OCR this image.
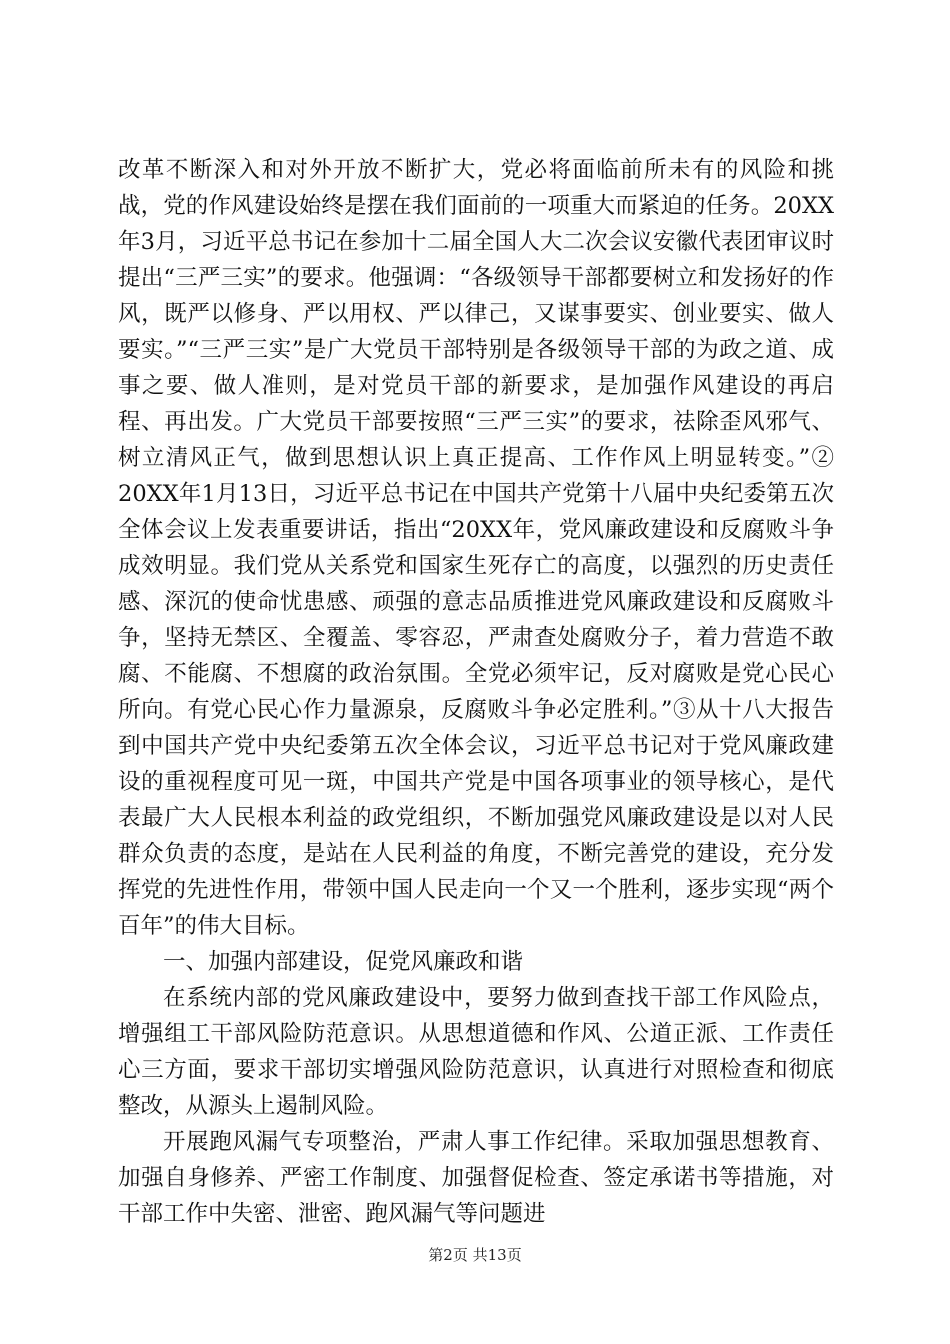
改革不断深入和对外开放不断扩大，党必将面临前所未有的风险和挑战，党的作风建设始终是摆在我们面前的一项重大而紧迫的任务。20XX年3月，习近平总书记在参加十二届全国人大二次会议安徽代表团审议时提出“三严三实”的要求。他强调：“各级领导干部都要树立和发扬好的作风，既严以修身、严以用权、严以律己，又谋事要实、创业要实、做人要实。”“三严三实”是广大党员干部特别是各级领导干部的为政之道、成事之要、做人准则，是对党员干部的新要求，是加强作风建设的再启程、再出发。广大党员干部要按照“三严三实”的要求，祛除歪风邪气、树立清风正气，做到思想认识上真正提高、工作作风上明显转变。”② 20XX年1月13日，习近平总书记在中国共产党第十八届中央纪委第五次全体会议上发表重要讲话，指出“20XX年，党风廉政建设和反腐败斗争成效明显。我们党从关系党和国家生死存亡的高度，以强烈的历史责任感、深沉的使命忧患感、顽强的意志品质推进党风廉政建设和反腐败斗争，坚持无禁区、全覆盖、零容忍，严肃查处腐败分子，着力营造不敢腐、不能腐、不想腐的政治氛围。全党必须牢记，反对腐败是党心民心所向。有党心民心作力量源泉，反腐败斗争必定胜利。”③从十八大报告到中国共产党中央纪委第五次全体会议，习近平总书记对于党风廉政建设的重视程度可见一斑，中国共产党是中国各项事业的领导核心，是代表最广大人民根本利益的政党组织，不断加强党风廉政建设是以对人民群众负责的态度，是站在人民利益的角度，不断完善党的建设，充分发挥党的先进性作用，带领中国人民走向一个又一个胜利，逐步实现“两个百年”的伟大目标。

一、加强内部建设，促党风廉政和谐

在系统内部的党风廉政建设中，要努力做到查找干部工作风险点，增强组工干部风险防范意识。从思想道德和作风、公道正派、工作责任心三方面，要求干部切实增强风险防范意识，认真进行对照检查和彻底整改，从源头上遏制风险。

开展跑风漏气专项整治，严肃人事工作纪律。采取加强思想教育、加强自身修养、严密工作制度、加强督促检查、签定承诺书等措施，对干部工作中失密、泄密、跑风漏气等问题进

第2页 共13页
